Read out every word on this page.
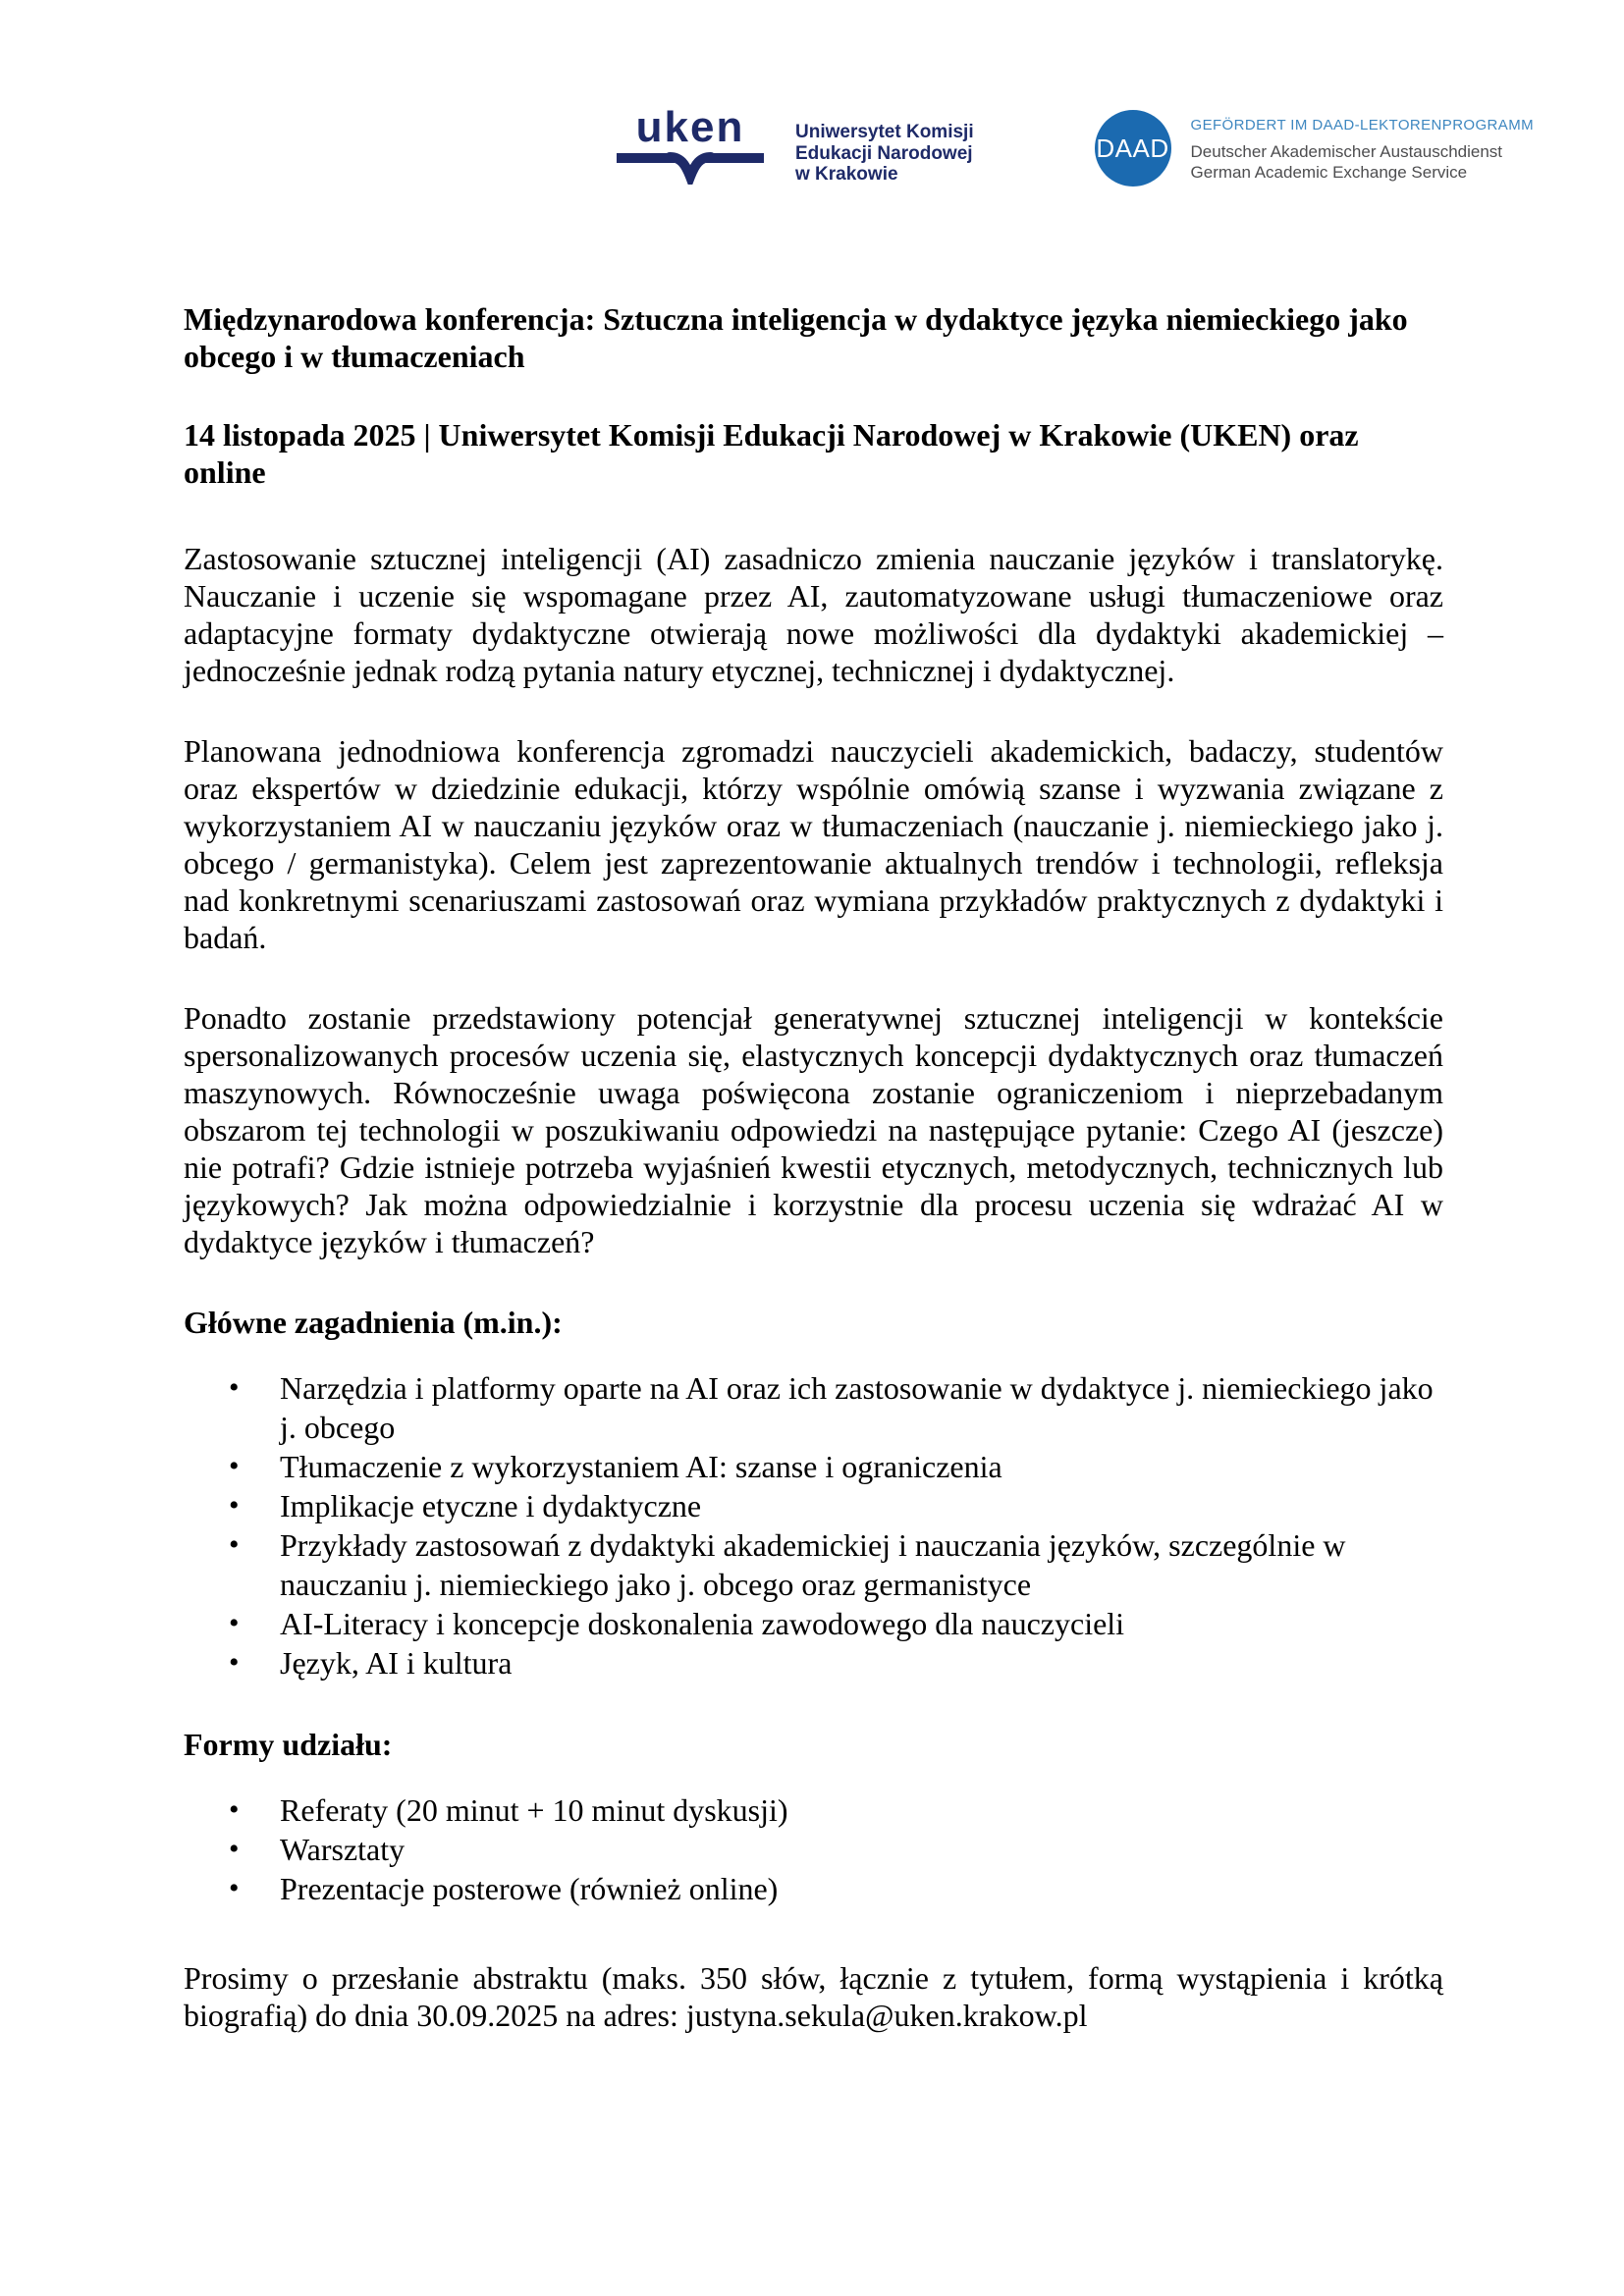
uken	Uniwersytet Komisji
Edukacji Narodowej
w Krakowie
DAAD
GEFÖRDERT IM DAAD-LEKTORENPROGRAMM
Deutscher Akademischer Austauschdienst
German Academic Exchange Service

Międzynarodowa konferencja: Sztuczna inteligencja w dydaktyce języka niemieckiego jako obcego i w tłumaczeniach

14 listopada 2025 | Uniwersytet Komisji Edukacji Narodowej w Krakowie (UKEN) oraz online

Zastosowanie sztucznej inteligencji (AI) zasadniczo zmienia nauczanie języków i translatorykę. Nauczanie i uczenie się wspomagane przez AI, zautomatyzowane usługi tłumaczeniowe oraz adaptacyjne formaty dydaktyczne otwierają nowe możliwości dla dydaktyki akademickiej – jednocześnie jednak rodzą pytania natury etycznej, technicznej i dydaktycznej.

Planowana jednodniowa konferencja zgromadzi nauczycieli akademickich, badaczy, studentów oraz ekspertów w dziedzinie edukacji, którzy wspólnie omówią szanse i wyzwania związane z wykorzystaniem AI w nauczaniu języków oraz w tłumaczeniach (nauczanie j. niemieckiego jako j. obcego / germanistyka). Celem jest zaprezentowanie aktualnych trendów i technologii, refleksja nad konkretnymi scenariuszami zastosowań oraz wymiana przykładów praktycznych z dydaktyki i badań.

Ponadto zostanie przedstawiony potencjał generatywnej sztucznej inteligencji w kontekście spersonalizowanych procesów uczenia się, elastycznych koncepcji dydaktycznych oraz tłumaczeń maszynowych. Równocześnie uwaga poświęcona zostanie ograniczeniom i nieprzebadanym obszarom tej technologii w poszukiwaniu odpowiedzi na następujące pytanie: Czego AI (jeszcze) nie potrafi? Gdzie istnieje potrzeba wyjaśnień kwestii etycznych, metodycznych, technicznych lub językowych? Jak można odpowiedzialnie i korzystnie dla procesu uczenia się wdrażać AI w dydaktyce języków i tłumaczeń?

Główne zagadnienia (m.in.):

• Narzędzia i platformy oparte na AI oraz ich zastosowanie w dydaktyce j. niemieckiego jako j. obcego
• Tłumaczenie z wykorzystaniem AI: szanse i ograniczenia
• Implikacje etyczne i dydaktyczne
• Przykłady zastosowań z dydaktyki akademickiej i nauczania języków, szczególnie w nauczaniu j. niemieckiego jako j. obcego oraz germanistyce
• AI-Literacy i koncepcje doskonalenia zawodowego dla nauczycieli
• Język, AI i kultura

Formy udziału:

• Referaty (20 minut + 10 minut dyskusji)
• Warsztaty
• Prezentacje posterowe (również online)

Prosimy o przesłanie abstraktu (maks. 350 słów, łącznie z tytułem, formą wystąpienia i krótką biografią) do dnia 30.09.2025 na adres: justyna.sekula@uken.krakow.pl
